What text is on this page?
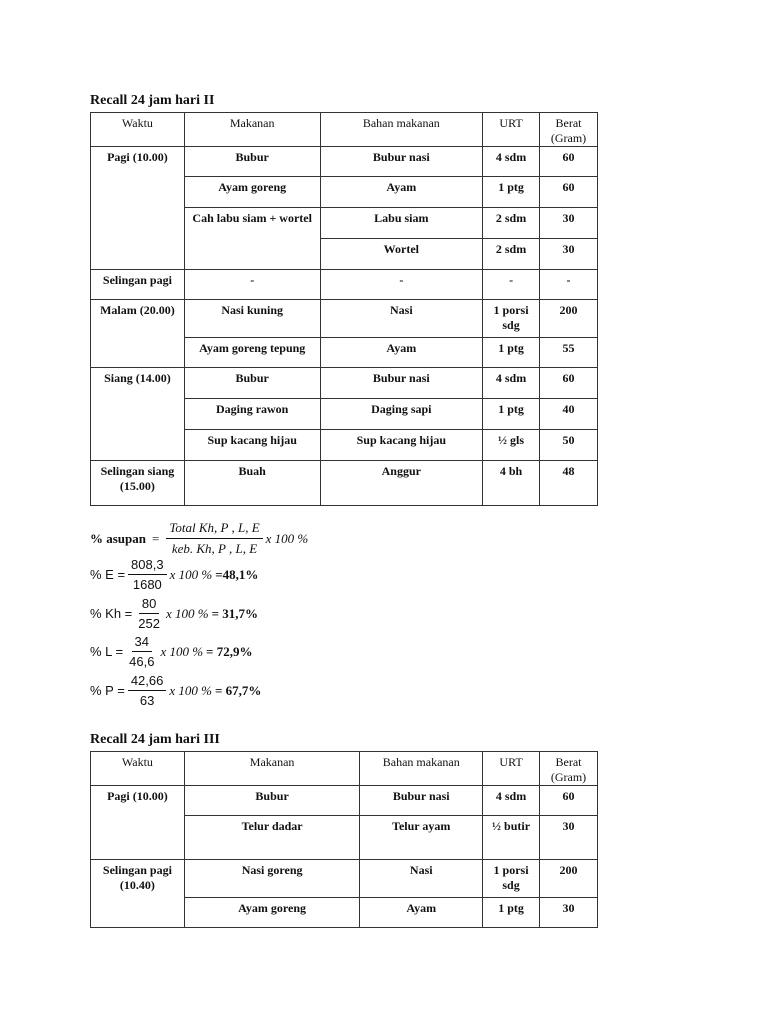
Recall 24 jam hari II
Waktu	Makanan	Bahan makanan	URT	Berat (Gram)
Pagi (10.00)	Bubur	Bubur nasi	4 sdm	60
	Ayam goreng	Ayam	1 ptg	60
	Cah labu siam + wortel	Labu siam	2 sdm	30
		Wortel	2 sdm	30
Selingan pagi	-	-	-	-
Malam (20.00)	Nasi kuning	Nasi	1 porsi sdg	200
	Ayam goreng tepung	Ayam	1 ptg	55
Siang (14.00)	Bubur	Bubur nasi	4 sdm	60
	Daging rawon	Daging sapi	1 ptg	40
	Sup kacang hijau	Sup kacang hijau	½ gls	50
Selingan siang (15.00)	Buah	Anggur	4 bh	48
% asupan = $\frac{\text{Total Kh, P , L, E}}{\text{keb. Kh, P , L, E}}$ x 100 %
% $E = \frac{808,3}{1680}$ x 100 % =48,1%
% $Kh = \frac{80}{252}$ x 100 % = 31,7%
% $L = \frac{34}{46,6}$ x 100 % = 72,9%
% $P = \frac{42,66}{63}$ x 100 % = 67,7%
Recall 24 jam hari III
Waktu	Makanan	Bahan makanan	URT	Berat (Gram)
Pagi (10.00)	Bubur	Bubur nasi	4 sdm	60
	Telur dadar	Telur ayam	½ butir	30
Selingan pagi (10.40)	Nasi goreng	Nasi	1 porsi sdg	200
	Ayam goreng	Ayam	1 ptg	30
